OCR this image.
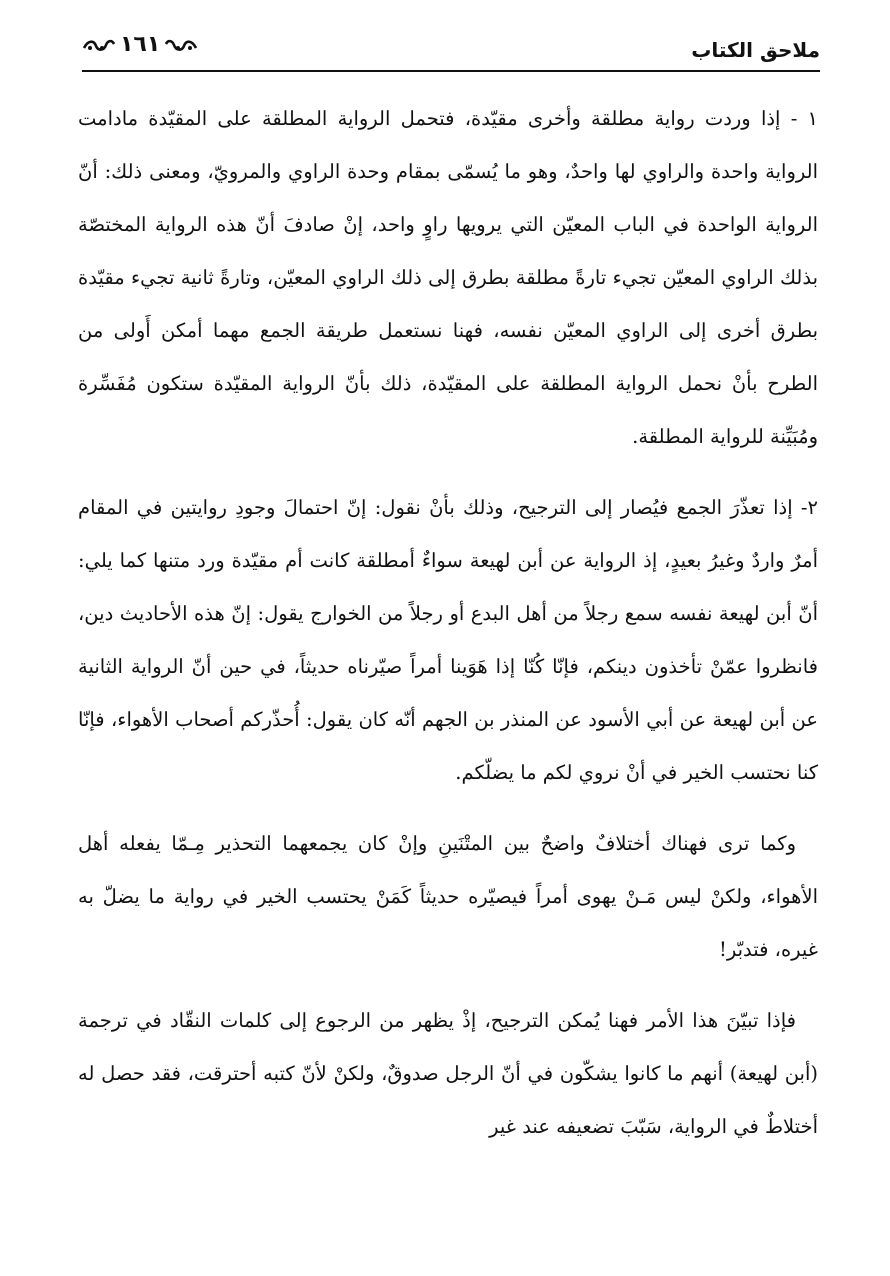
ملاحق الكتاب
١٦١

١ - إذا وردت رواية مطلقة وأخرى مقيّدة، فتحمل الرواية المطلقة على المقيّدة مادامت الرواية واحدة والراوي لها واحدٌ، وهو ما يُسمّى بمقام وحدة الراوي والمرويّ، ومعنى ذلك: أنّ الرواية الواحدة في الباب المعيّن التي يرويها راوٍ واحد، إنْ صادفَ أنّ هذه الرواية المختصّة بذلك الراوي المعيّن تجيء تارةً مطلقة بطرق إلى ذلك الراوي المعيّن، وتارةً ثانية تجيء مقيّدة بطرق أخرى إلى الراوي المعيّن نفسه، فهنا نستعمل طريقة الجمع مهما أمكن أَولى من الطرح بأنْ نحمل الرواية المطلقة على المقيّدة، ذلك بأنّ الرواية المقيّدة ستكون مُفَسِّرة ومُبَيِّنة للرواية المطلقة.

٢- إذا تعذّرَ الجمع فيُصار إلى الترجيح، وذلك بأنْ نقول: إنّ احتمالَ وجودِ روايتين في المقام أمرٌ واردٌ وغيرُ بعيدٍ، إذ الرواية عن أبن لهيعة سواءٌ أمطلقة كانت أم مقيّدة ورد متنها كما يلي: أنّ أبن لهيعة نفسه سمع رجلاً من أهل البدع أو رجلاً من الخوارج يقول: إنّ هذه الأحاديث دين، فانظروا عمّنْ تأخذون دينكم، فإنّا كُنّا إذا هَوَينا أمراً صيّرناه حديثاً، في حين أنّ الرواية الثانية عن أبن لهيعة عن أبي الأسود عن المنذر بن الجهم أنّه كان يقول: أُحذّركم أصحاب الأهواء، فإنّا كنا نحتسب الخير في أنْ نروي لكم ما يضلّكم.

وكما ترى فهناك أختلافٌ واضحٌ بين المتْنَينِ وإنْ كان يجمعهما التحذير مِـمّا يفعله أهل الأهواء، ولكنْ ليس مَـنْ يهوى أمراً فيصيّره حديثاً كَمَنْ يحتسب الخير في رواية ما يضلّ به غيره، فتدبّر!

فإذا تبيّنَ هذا الأمر فهنا يُمكن الترجيح، إذْ يظهر من الرجوع إلى كلمات النقّاد في ترجمة (أبن لهيعة) أنهم ما كانوا يشكّون في أنّ الرجل صدوقٌ، ولكنْ لأنّ كتبه أحترقت، فقد حصل له أختلاطٌ في الرواية، سَبّبَ تضعيفه عند غير
